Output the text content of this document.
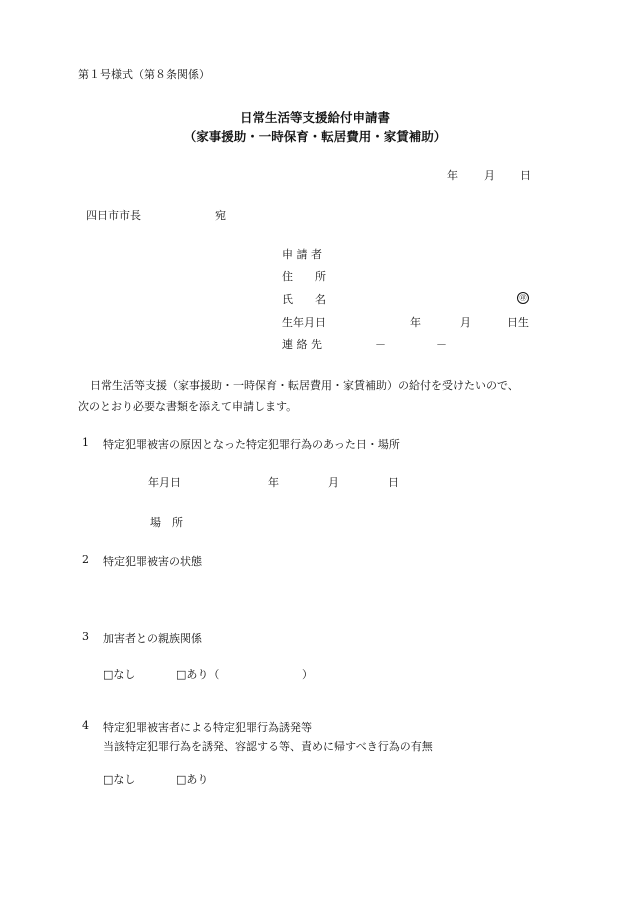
第１号様式（第８条関係）
日常生活等支援給付申請書
（家事援助・一時保育・転居費用・家賃補助）
年 月 日
四日市市長	宛
申 請 者
住　　所
氏　　名	㊞
生年月日	年	月	日生
連 絡 先	－	－
日常生活等支援（家事援助・一時保育・転居費用・家賃補助）の給付を受けたいので、
次のとおり必要な書類を添えて申請します。
1 特定犯罪被害の原因となった特定犯罪行為のあった日・場所
年月日	年	月	日
場　所
2 特定犯罪被害の状態
3 加害者との親族関係
□なし	□あり（	）
4 特定犯罪被害者による特定犯罪行為誘発等
当該特定犯罪行為を誘発、容認する等、責めに帰すべき行為の有無
□なし	□あり
